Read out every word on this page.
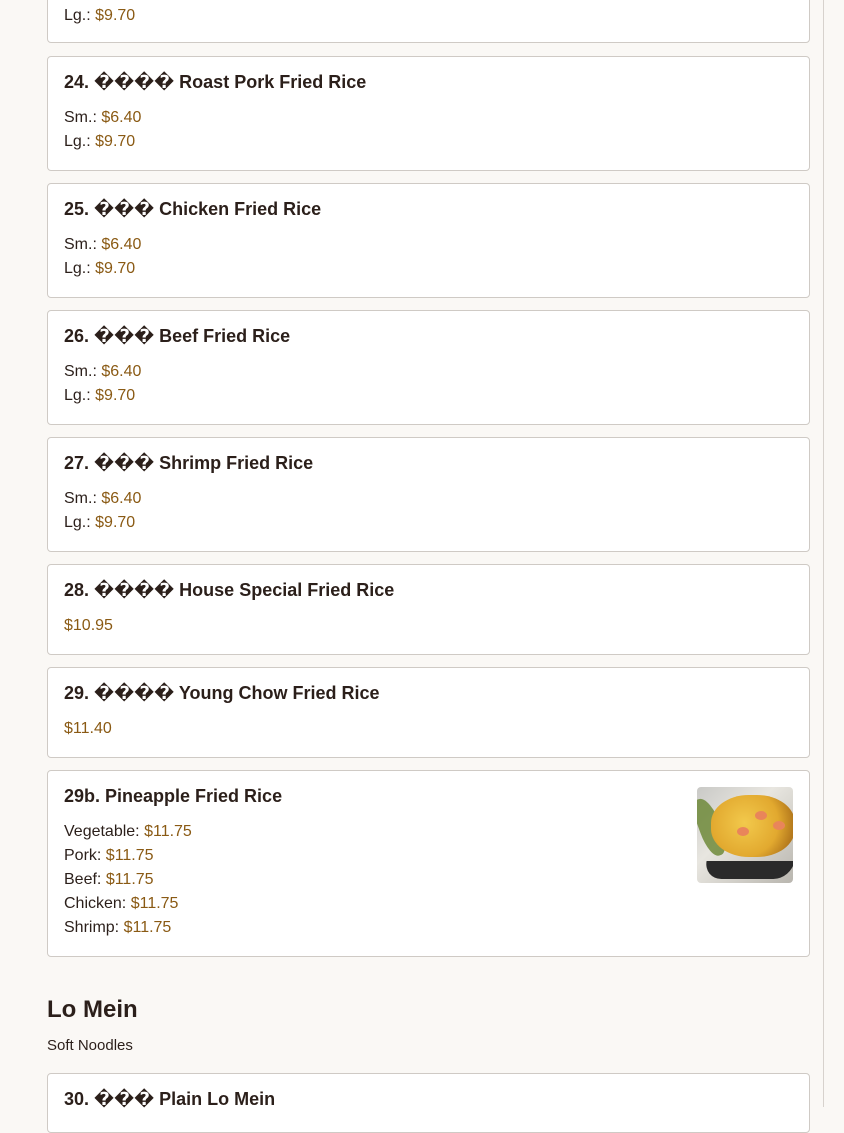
Lg.: $9.70
24. ���� Roast Pork Fried Rice
Sm.: $6.40
Lg.: $9.70
25. ��� Chicken Fried Rice
Sm.: $6.40
Lg.: $9.70
26. ��� Beef Fried Rice
Sm.: $6.40
Lg.: $9.70
27. ��� Shrimp Fried Rice
Sm.: $6.40
Lg.: $9.70
28. ���� House Special Fried Rice
$10.95
29. ���� Young Chow Fried Rice
$11.40
29b. Pineapple Fried Rice
Vegetable: $11.75
Pork: $11.75
Beef: $11.75
Chicken: $11.75
Shrimp: $11.75
Lo Mein
Soft Noodles
30. ��� Plain Lo Mein
